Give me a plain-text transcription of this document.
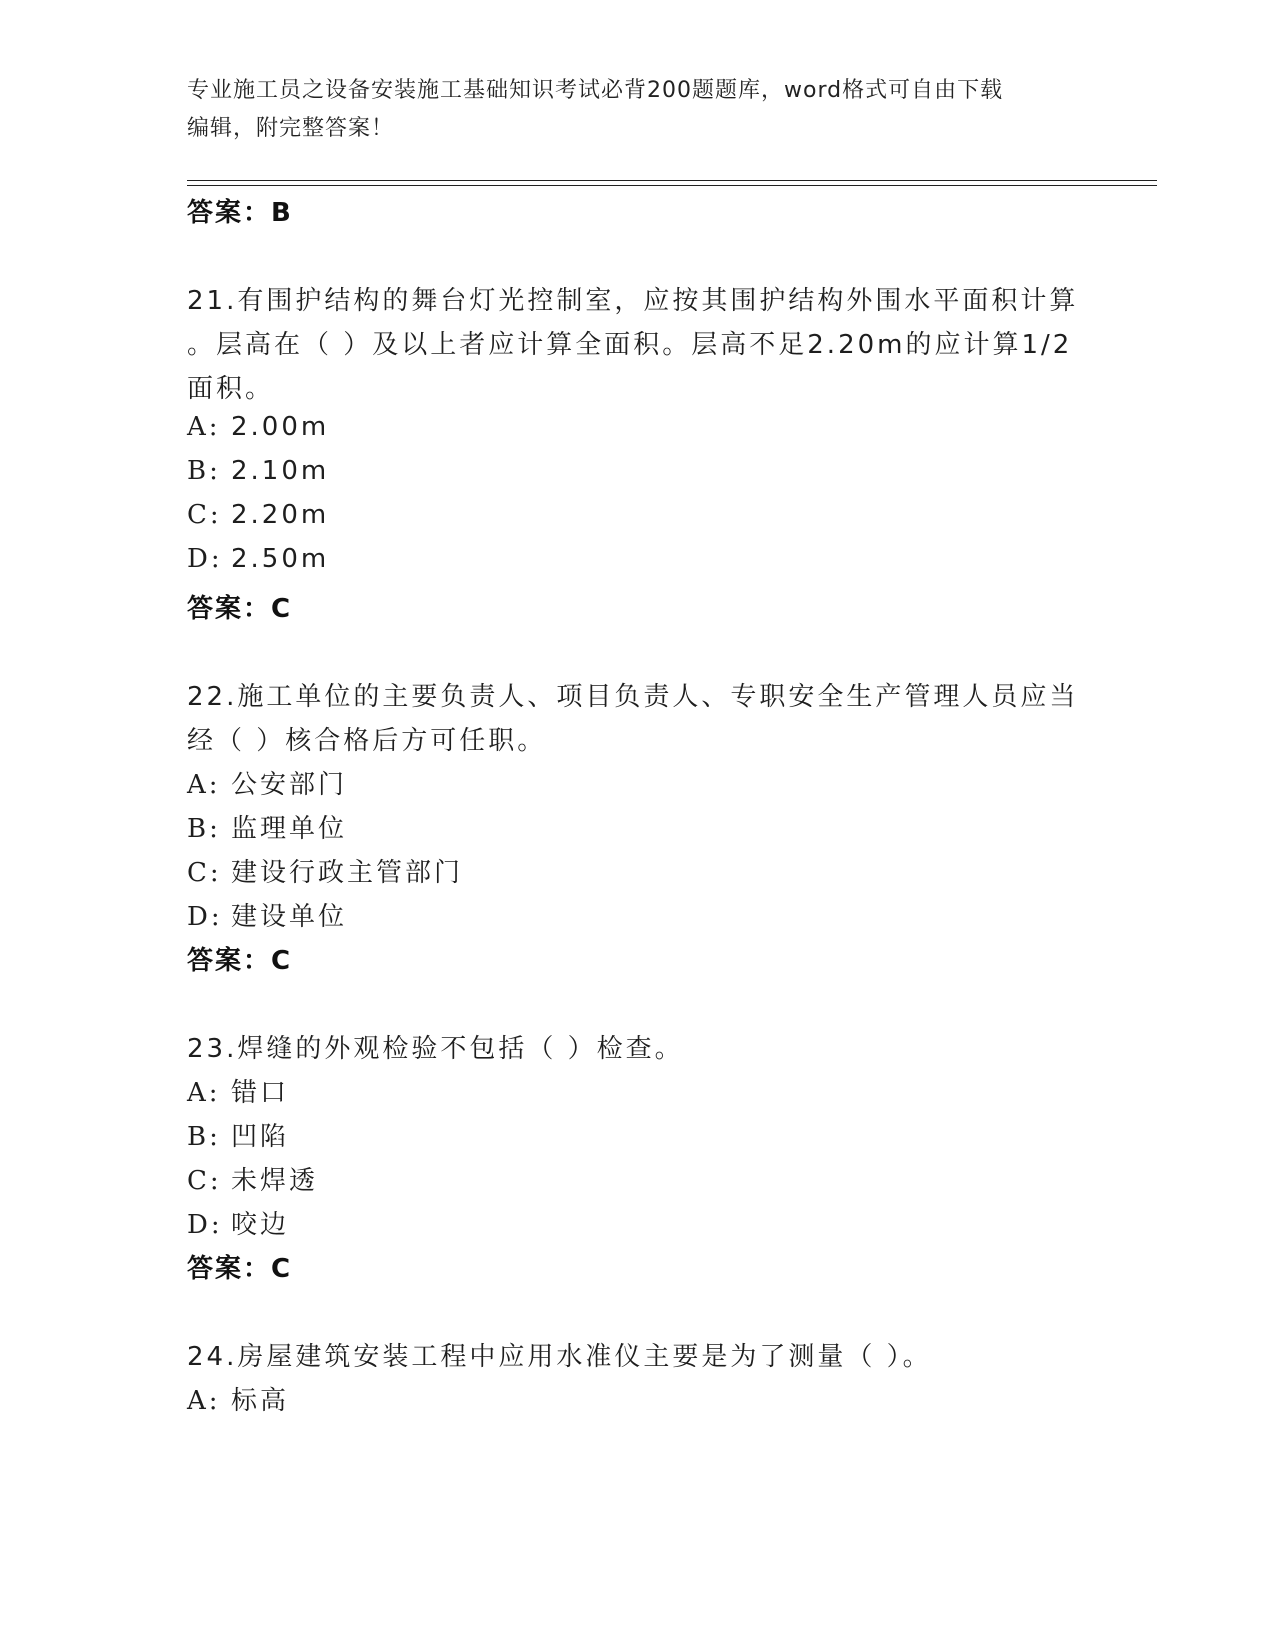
专业施工员之设备安装施工基础知识考试必背200题题库，word格式可自由下载
编辑，附完整答案！
答案：B
21.有围护结构的舞台灯光控制室，应按其围护结构外围水平面积计算
。层高在（ ）及以上者应计算全面积。层高不足2.20m的应计算1/2
面积。
A: 2.00m
B: 2.10m
C: 2.20m
D: 2.50m
答案：C
22.施工单位的主要负责人、项目负责人、专职安全生产管理人员应当
经（ ）核合格后方可任职。
A: 公安部门
B: 监理单位
C: 建设行政主管部门
D: 建设单位
答案：C
23.焊缝的外观检验不包括（ ）检查。
A: 错口
B: 凹陷
C: 未焊透
D: 咬边
答案：C
24.房屋建筑安装工程中应用水准仪主要是为了测量（ ）。
A: 标高
